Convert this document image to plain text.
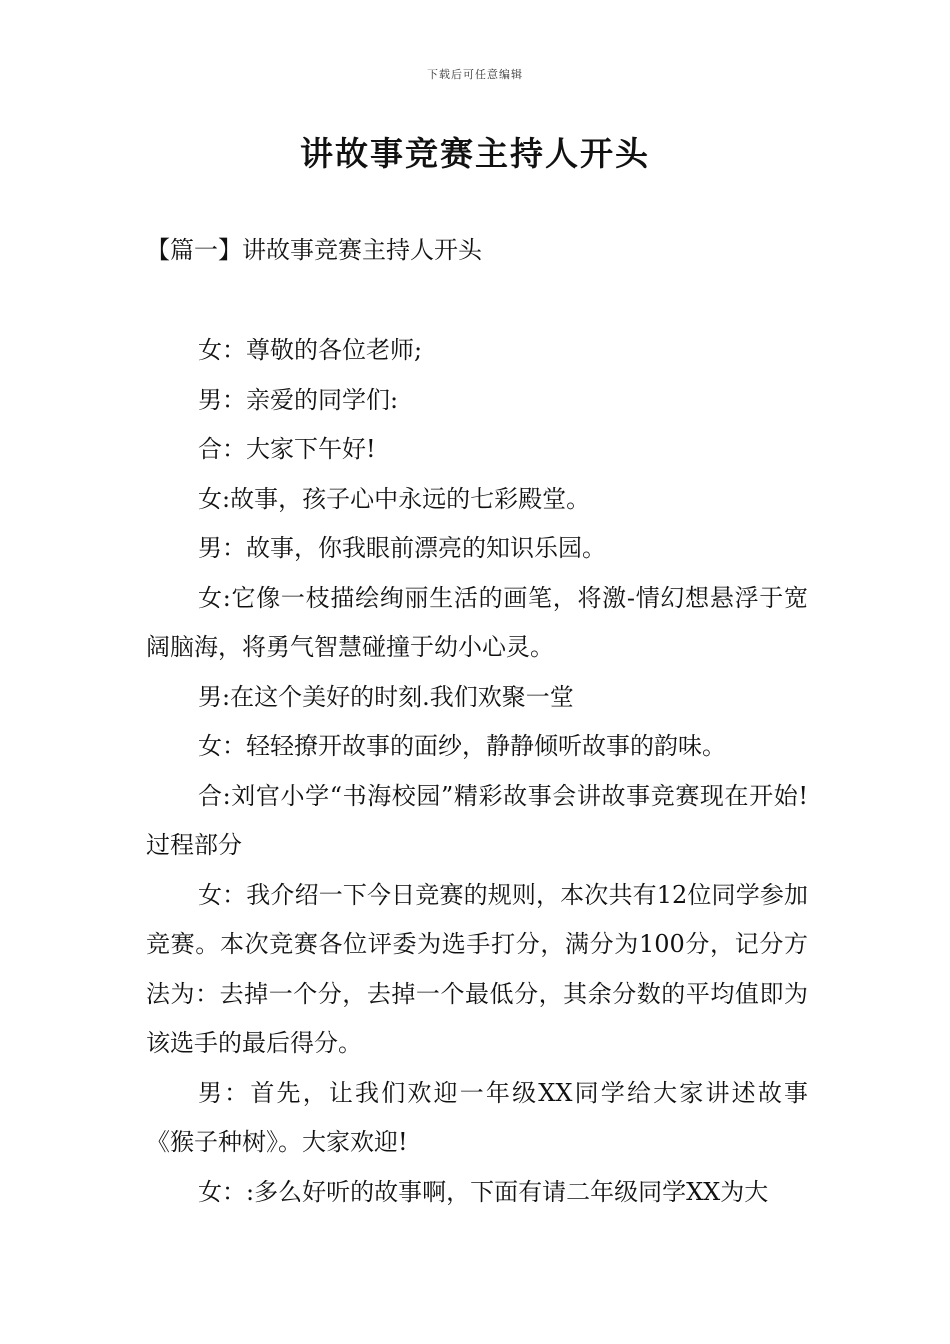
下载后可任意编辑
讲故事竞赛主持人开头
【篇一】讲故事竞赛主持人开头

女：尊敬的各位老师;

男：亲爱的同学们:

合：大家下午好!

女:故事，孩子心中永远的七彩殿堂。

男：故事，你我眼前漂亮的知识乐园。

女:它像一枝描绘绚丽生活的画笔，将激-情幻想悬浮于宽阔脑海，将勇气智慧碰撞于幼小心灵。

男:在这个美好的时刻.我们欢聚一堂

女：轻轻撩开故事的面纱，静静倾听故事的韵味。

合:刘官小学“书海校园”精彩故事会讲故事竞赛现在开始!过程部分

女：我介绍一下今日竞赛的规则，本次共有12位同学参加竞赛。本次竞赛各位评委为选手打分，满分为100分，记分方法为：去掉一个分，去掉一个最低分，其余分数的平均值即为该选手的最后得分。

男：首先，让我们欢迎一年级XX同学给大家讲述故事《猴子种树》。大家欢迎!

女：:多么好听的故事啊，下面有请二年级同学XX为大
